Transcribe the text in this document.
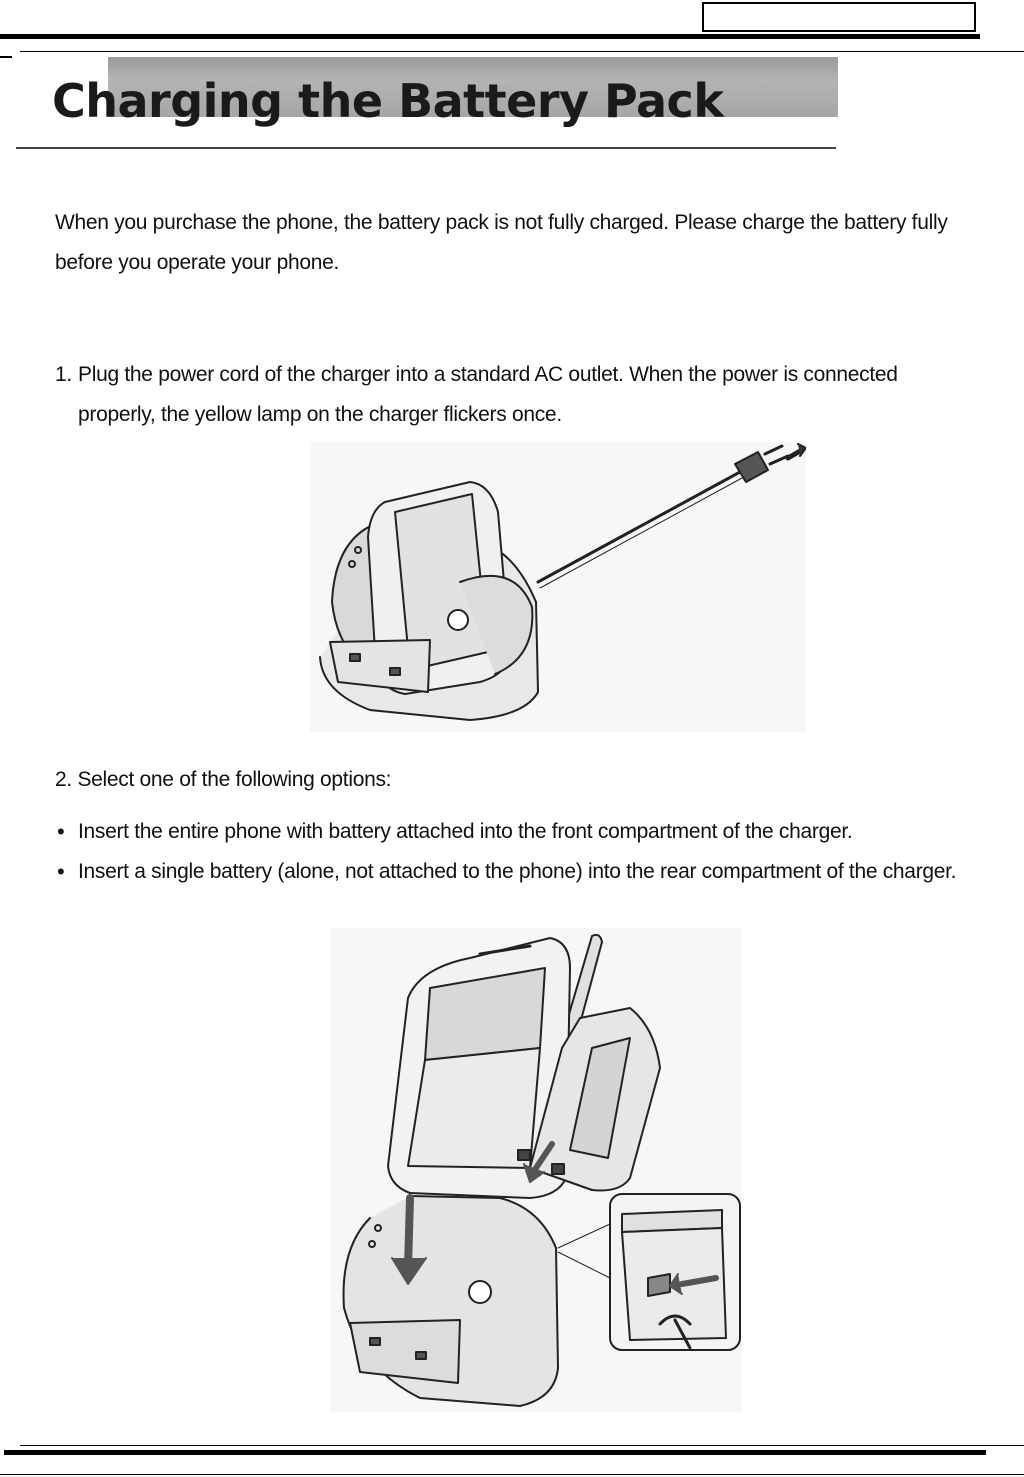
Charging the Battery Pack

When you purchase the phone, the battery pack is not fully charged. Please charge the battery fully before you operate your phone.

1. Plug the power cord of the charger into a standard AC outlet. When the power is connected properly, the yellow lamp on the charger flickers once.

2. Select one of the following options:

• Insert the entire phone with battery attached into the front compartment of the charger.

• Insert a single battery (alone, not attached to the phone) into the rear compartment of the charger.
